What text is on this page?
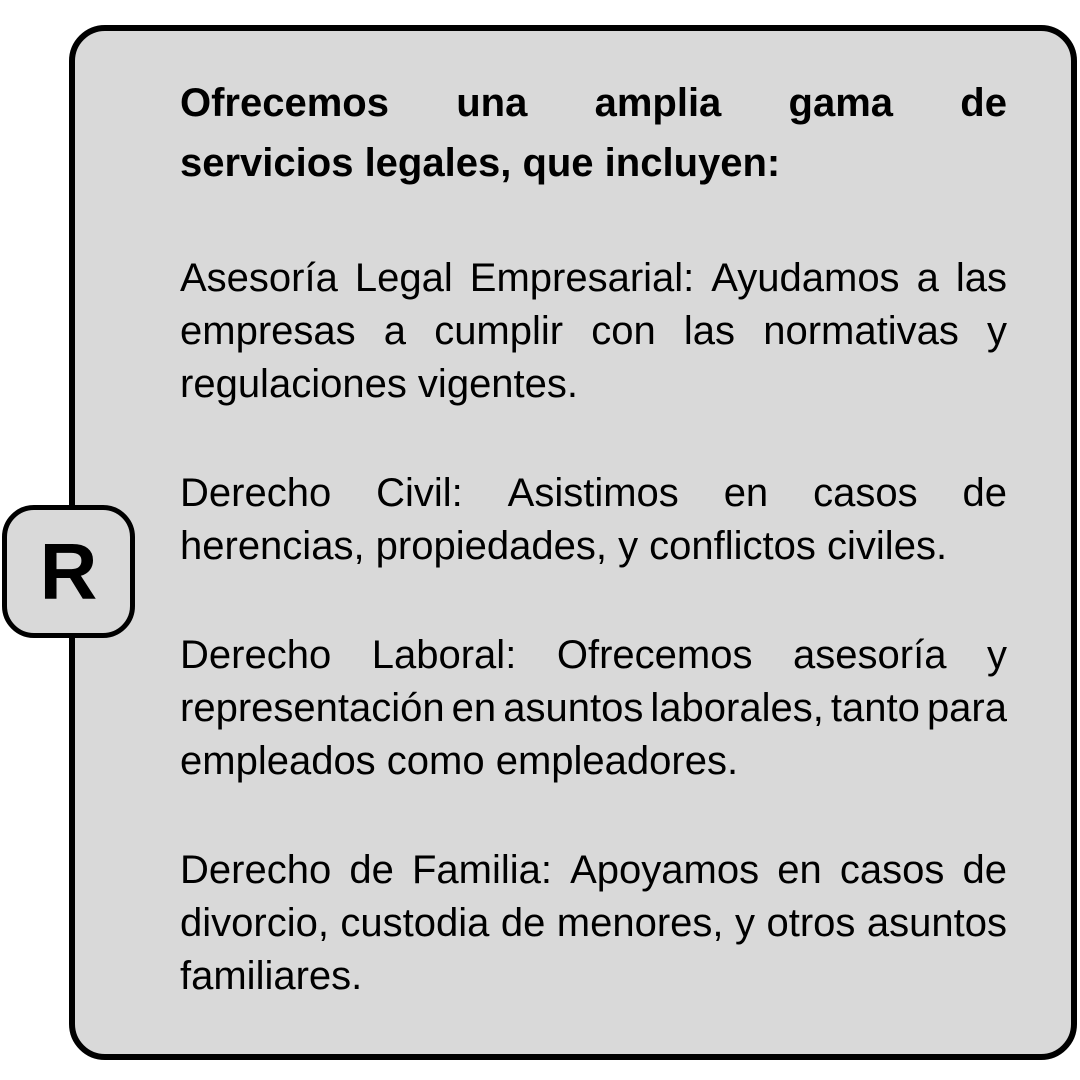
Ofrecemos una amplia gama de
servicios legales, que incluyen:
Asesoría Legal Empresarial: Ayudamos a las
empresas a cumplir con las normativas y
regulaciones vigentes.
Derecho Civil: Asistimos en casos de
herencias, propiedades, y conflictos civiles.
Derecho Laboral: Ofrecemos asesoría y
representación en asuntos laborales, tanto para
empleados como empleadores.
Derecho de Familia: Apoyamos en casos de
divorcio, custodia de menores, y otros asuntos
familiares.
R
